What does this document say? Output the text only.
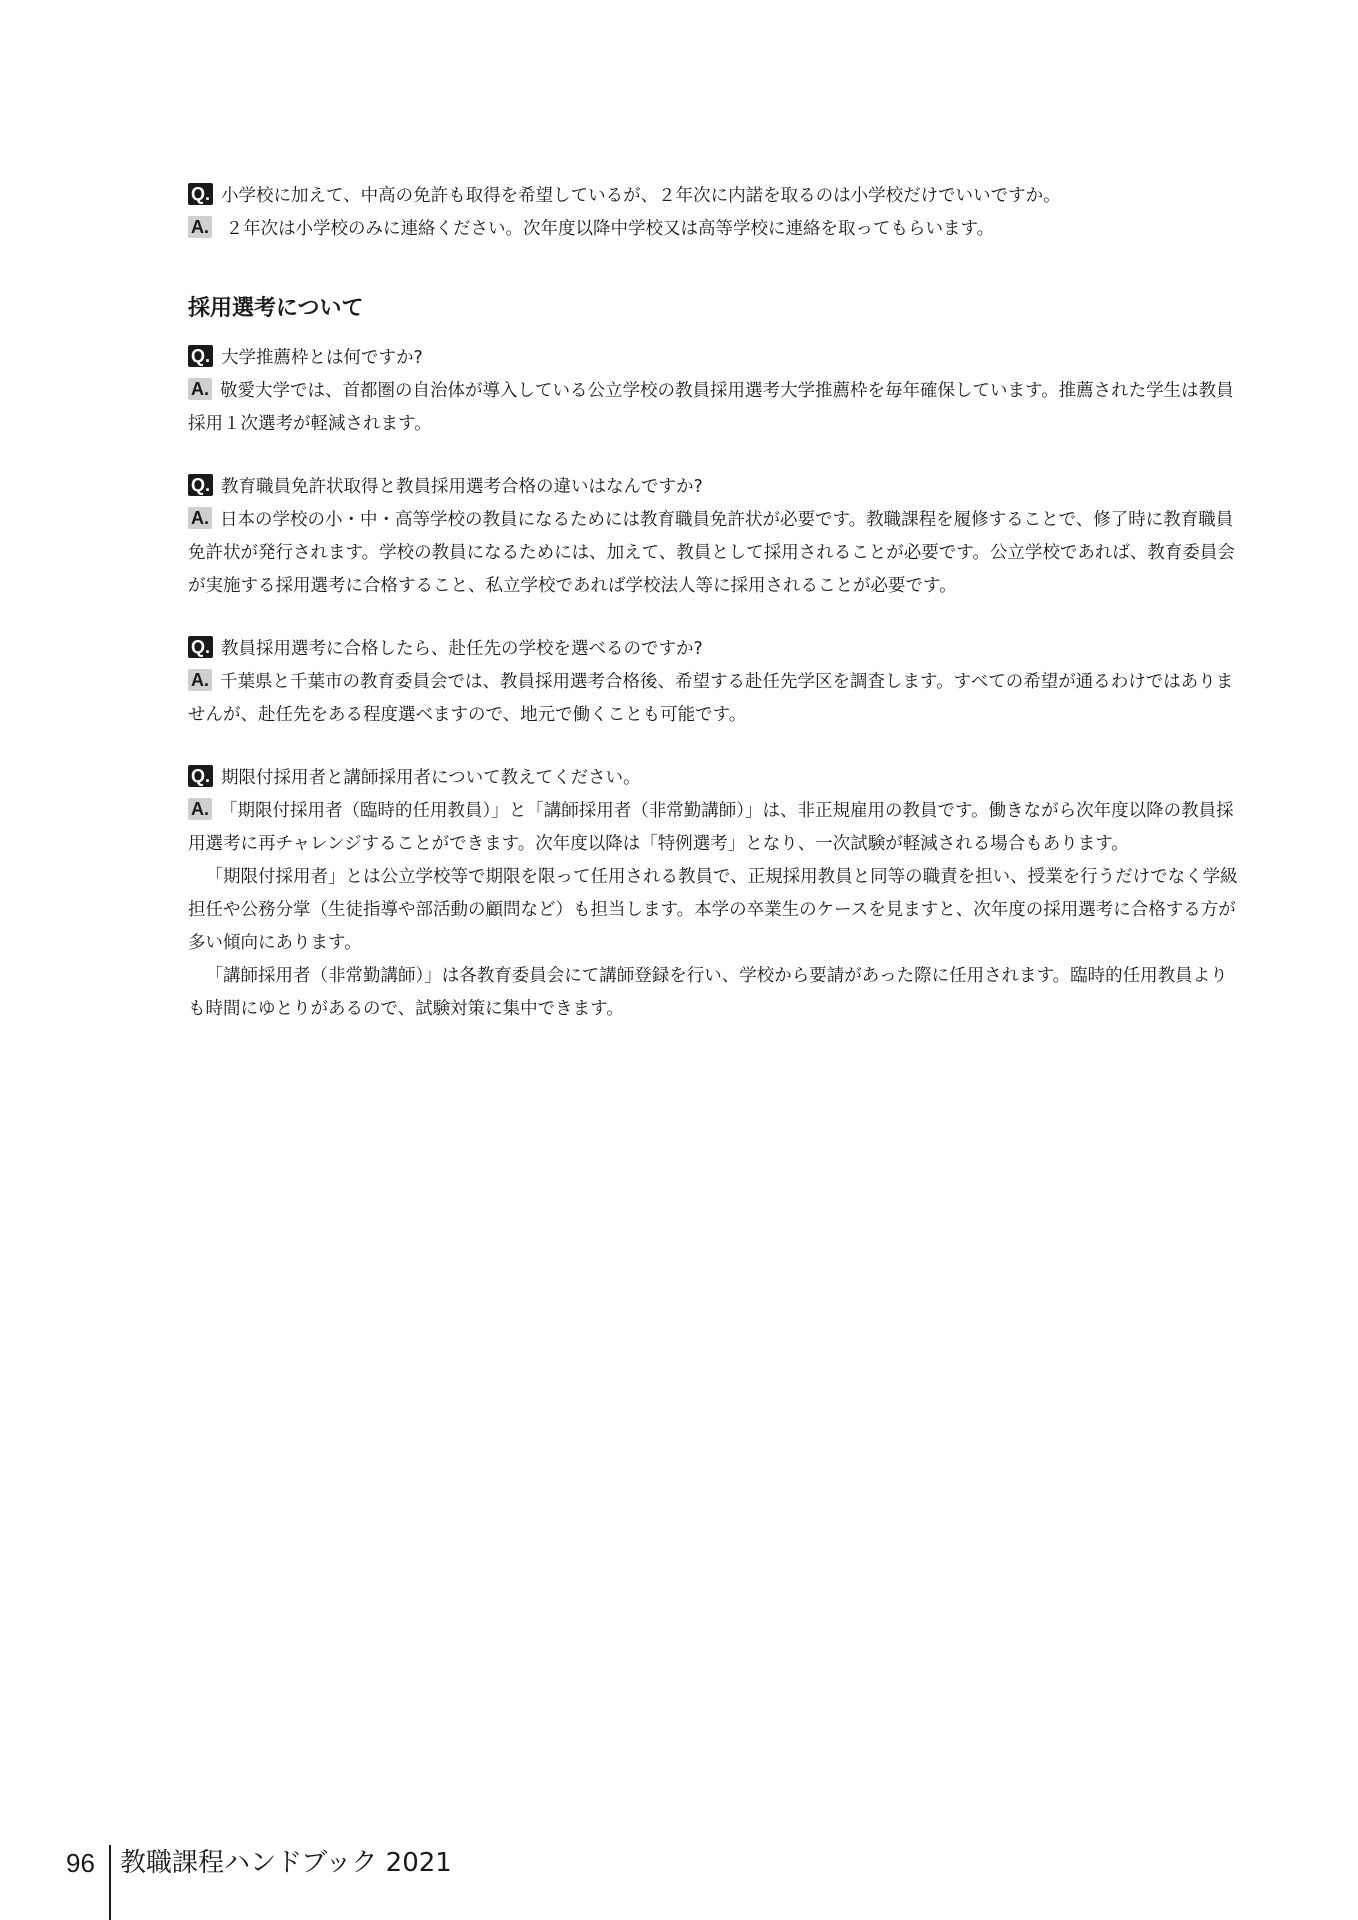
Q. 小学校に加えて、中高の免許も取得を希望しているが、２年次に内諾を取るのは小学校だけでいいですか。

A. ２年次は小学校のみに連絡ください。次年度以降中学校又は高等学校に連絡を取ってもらいます。

採用選考について

Q. 大学推薦枠とは何ですか?

A. 敬愛大学では、首都圏の自治体が導入している公立学校の教員採用選考大学推薦枠を毎年確保しています。推薦された学生は教員採用１次選考が軽減されます。

Q. 教育職員免許状取得と教員採用選考合格の違いはなんですか?

A. 日本の学校の小・中・高等学校の教員になるためには教育職員免許状が必要です。教職課程を履修することで、修了時に教育職員免許状が発行されます。学校の教員になるためには、加えて、教員として採用されることが必要です。公立学校であれば、教育委員会が実施する採用選考に合格すること、私立学校であれば学校法人等に採用されることが必要です。

Q. 教員採用選考に合格したら、赴任先の学校を選べるのですか?

A. 千葉県と千葉市の教育委員会では、教員採用選考合格後、希望する赴任先学区を調査します。すべての希望が通るわけではありませんが、赴任先をある程度選べますので、地元で働くことも可能です。

Q. 期限付採用者と講師採用者について教えてください。

A. 「期限付採用者（臨時的任用教員）」と「講師採用者（非常勤講師）」は、非正規雇用の教員です。働きながら次年度以降の教員採用選考に再チャレンジすることができます。次年度以降は「特例選考」となり、一次試験が軽減される場合もあります。

「期限付採用者」とは公立学校等で期限を限って任用される教員で、正規採用教員と同等の職責を担い、授業を行うだけでなく学級担任や公務分掌（生徒指導や部活動の顧問など）も担当します。本学の卒業生のケースを見ますと、次年度の採用選考に合格する方が多い傾向にあります。

「講師採用者（非常勤講師）」は各教育委員会にて講師登録を行い、学校から要請があった際に任用されます。臨時的任用教員よりも時間にゆとりがあるので、試験対策に集中できます。

96 教職課程ハンドブック 2021
